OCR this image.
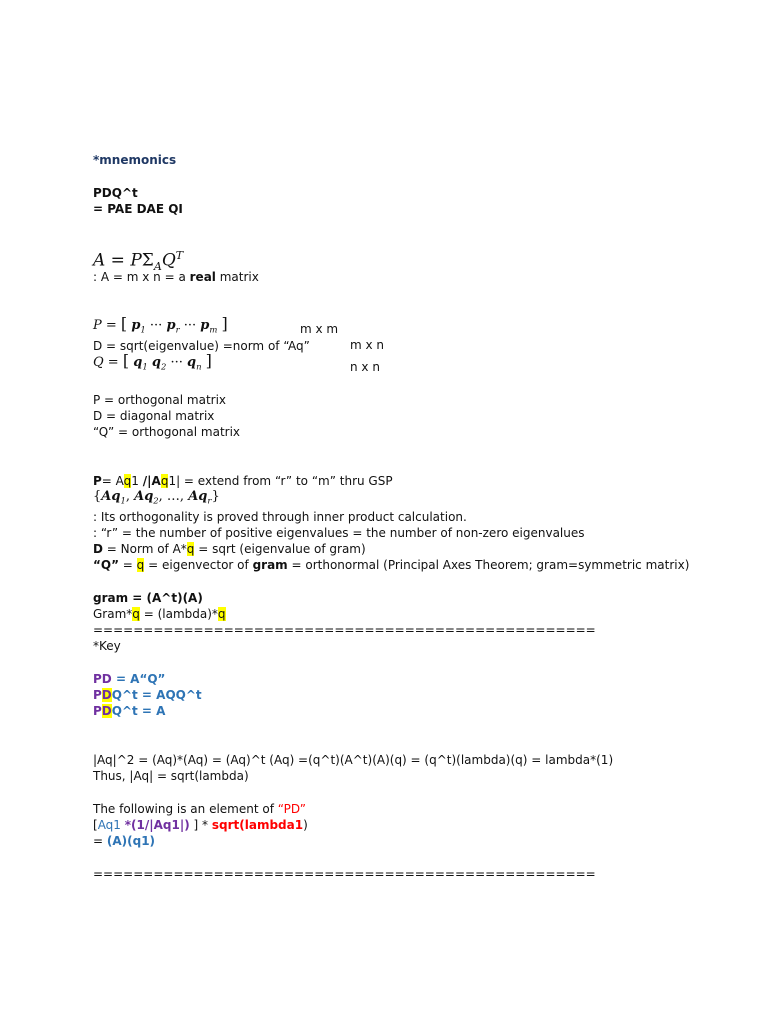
*mnemonics
PDQ^t
= PAE DAE QI
$A = P\Sigma_AQ^T$
: A = m x n = a real matrix
P = [ $p_1$ ··· $p_r$ ··· $p_m$ ]	m x m
D = sqrt(eigenvalue) =norm of “Aq”	m x n
Q = [ $q_1$ $q_2$ ··· $q_n$ ]	n x n
P = orthogonal matrix
D = diagonal matrix
“Q” = orthogonal matrix
P= Aq1 /|Aq1| = extend from “r” to “m” thru GSP
{$Aq_1$, $Aq_2$, …, $Aq_r$}
: Its orthogonality is proved through inner product calculation.
: “r” = the number of positive eigenvalues = the number of non-zero eigenvalues
D = Norm of A*q = sqrt (eigenvalue of gram)
“Q” = q = eigenvector of gram = orthonormal (Principal Axes Theorem; gram=symmetric matrix)
gram = (A^t)(A)
Gram*q = (lambda)*q
==================================================
*Key
PD = A“Q”
PDQ^t = AQQ^t
PDQ^t = A
|Aq|^2 = (Aq)*(Aq) = (Aq)^t (Aq) =(q^t)(A^t)(A)(q) = (q^t)(lambda)(q) = lambda*(1)
Thus, |Aq| = sqrt(lambda)
The following is an element of “PD”
[Aq1 *(1/|Aq1|) ] * sqrt(lambda1)
= (A)(q1)
==================================================
